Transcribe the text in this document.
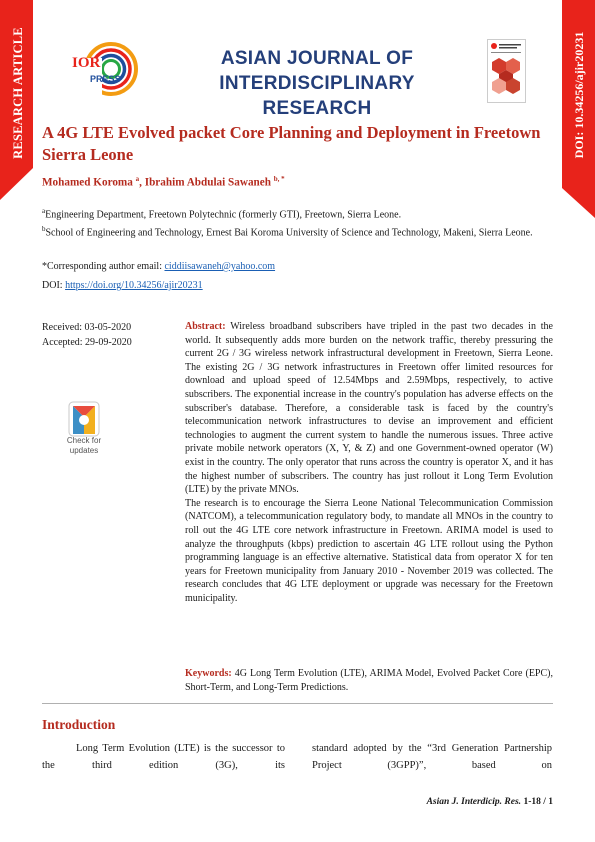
RESEARCH ARTICLE	DOI: 10.34256/ajir20231
IOR
PRESS
ASIAN JOURNAL OF
INTERDISCIPLINARY RESEARCH
A 4G LTE Evolved packet Core Planning and Deployment in Freetown Sierra Leone
Mohamed Koroma $^a$, Ibrahim Abdulai Sawaneh $^{b, *}$
$^a$Engineering Department, Freetown Polytechnic (formerly GTI), Freetown, Sierra Leone.
$^b$School of Engineering and Technology, Ernest Bai Koroma University of Science and Technology, Makeni, Sierra Leone.
*Corresponding author email: ciddiisawaneh@yahoo.com
DOI: https://doi.org/10.34256/ajir20231
Received: 03-05-2020
Accepted: 29-09-2020
Check for
updates
Abstract: Wireless broadband subscribers have tripled in the past two decades in the world. It subsequently adds more burden on the network traffic, thereby pressuring the current 2G / 3G wireless network infrastructural development in Freetown, Sierra Leone. The existing 2G / 3G network infrastructures in Freetown offer limited resources for download and upload speed of 12.54Mbps and 2.59Mbps, respectively, to active subscribers. The exponential increase in the country's population has adverse effects on the subscriber's database. Therefore, a considerable task is faced by the country's telecommunication network infrastructures to devise an improvement and efficient technologies to augment the current system to handle the numerous issues. Three active private mobile network operators (X, Y, & Z) and one Government-owned operator (W) exist in the country. The only operator that runs across the country is operator X, and it has the highest number of subscribers. The country has just rollout it Long Term Evolution (LTE) by the private MNOs.
The research is to encourage the Sierra Leone National Telecommunication Commission (NATCOM), a telecommunication regulatory body, to mandate all MNOs in the country to roll out the 4G LTE core network infrastructure in Freetown. ARIMA model is used to analyze the throughputs (kbps) prediction to ascertain 4G LTE rollout using the Python programming language is an effective alternative. Statistical data from operator X for ten years for Freetown municipality from January 2010 - November 2019 was collected. The research concludes that 4G LTE deployment or upgrade was necessary for the Freetown municipality.
Keywords: 4G Long Term Evolution (LTE), ARIMA Model, Evolved Packet Core (EPC), Short-Term, and Long-Term Predictions.
Introduction
Long Term Evolution (LTE) is the successor to the third edition (3G), its
standard adopted by the “3rd Generation Partnership Project (3GPP)”, based on
Asian J. Interdicip. Res. 1-18 / 1
